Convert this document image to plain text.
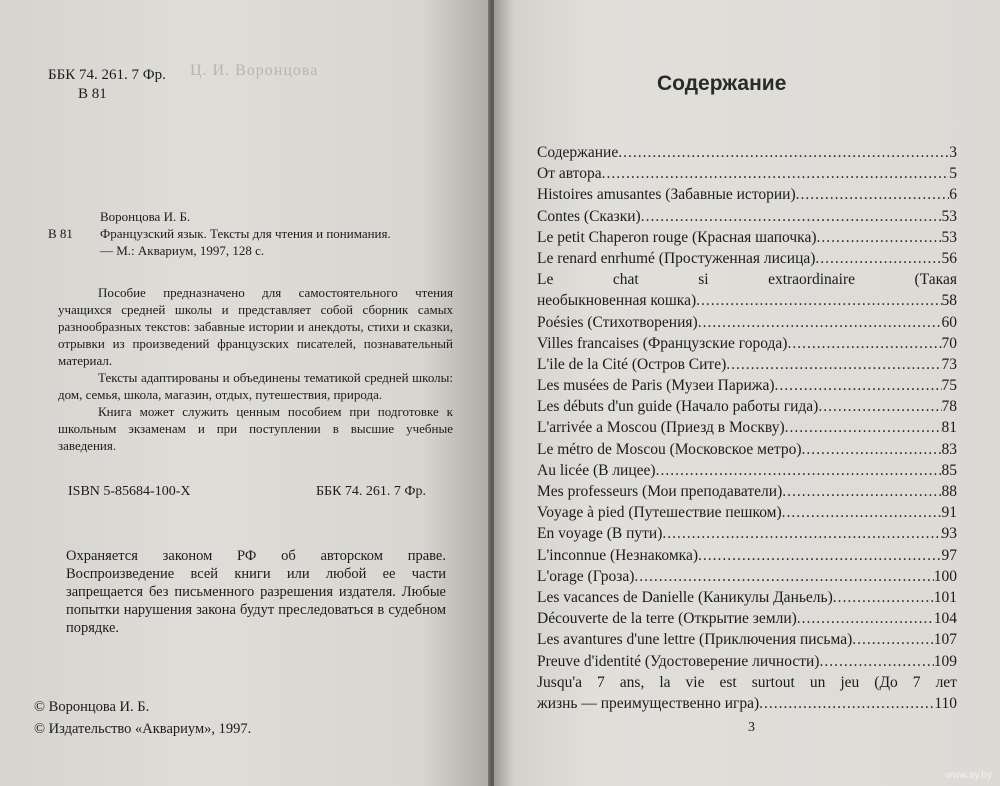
ББК 74. 261. 7 Фр.
В 81
Ц. И. Воронцова
В 81
Воронцова И. Б.
Французский язык. Тексты для чтения и понимания.
— М.: Аквариум, 1997, 128 с.

Пособие предназначено для самостоятельного чтения учащихся средней школы и представляет собой сборник самых разнообразных текстов: забавные истории и анекдоты, стихи и сказки, отрывки из произведений французских писателей, познавательный материал.

Тексты адаптированы и объединены тематикой средней школы: дом, семья, школа, магазин, отдых, путешествия, природа.

Книга может служить ценным пособием при подготовке к школьным экзаменам и при поступлении в высшие учебные заведения.

ISBN 5-85684-100-X	ББК 74. 261. 7 Фр.

Охраняется законом РФ об авторском праве. Воспроизведение всей книги или любой ее части запрещается без письменного разрешения издателя. Любые попытки нарушения закона будут преследоваться в судебном порядке.

© Воронцова И. Б.
© Издательство «Аквариум», 1997.
Содержание
Содержание .....	3
От автора .....	5
Histoires amusantes (Забавные истории) .....	6
Contes (Сказки) .....	53
Le petit Chaperon rouge (Красная шапочка) .....	53
Le renard enrhumé (Простуженная лисица) .....	56
Le	chat	si	extraordinaire	(Такая
необыкновенная кошка) .....	58
Poésies (Стихотворения) .....	60
Villes francaises (Французские города) .....	70
L'ile de la Cité (Остров Сите) .....	73
Les musées de Paris (Музеи Парижа) .....	75
Les débuts d'un guide (Начало работы гида) .....	78
L'arrivée a Moscou (Приезд в Москву) .....	81
Le métro de Moscou (Московское метро) .....	83
Au licée (В лицее) .....	85
Mes professeurs (Мои преподаватели) .....	88
Voyage à pied (Путешествие пешком) .....	91
En voyage (В пути) .....	93
L'inconnue (Незнакомка) .....	97
L'orage (Гроза) .....	100
Les vacances de Danielle (Каникулы Даньель) .....	101
Découverte de la terre (Открытие земли) .....	104
Les avantures d'une lettre (Приключения письма) .....	107
Preuve d'identité (Удостоверение личности) .....	109
Jusqu'a 7 ans, la vie est surtout un jeu (До 7 лет
жизнь — преимущественно игра) .....	110
3
www.ay.by
